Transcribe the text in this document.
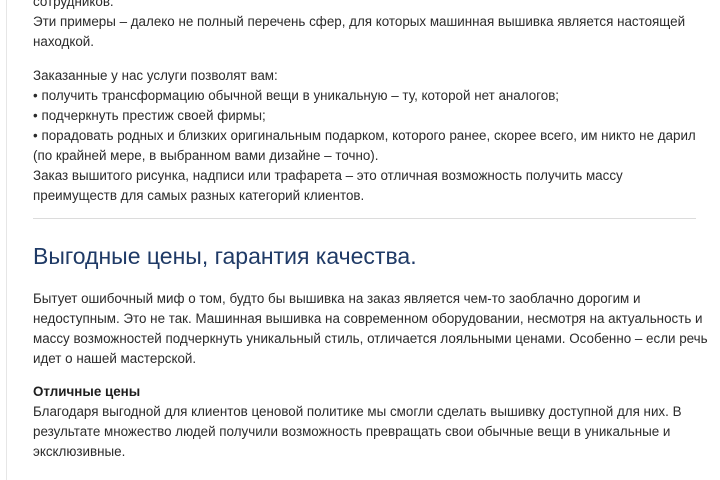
сотрудников.

Эти примеры – далеко не полный перечень сфер, для которых машинная вышивка является настоящей

находкой.

Заказанные у нас услуги позволят вам:

• получить трансформацию обычной вещи в уникальную – ту, которой нет аналогов;

• подчеркнуть престиж своей фирмы;

• порадовать родных и близких оригинальным подарком, которого ранее, скорее всего, им никто не дарил

(по крайней мере, в выбранном вами дизайне – точно).

Заказ вышитого рисунка, надписи или трафарета – это отличная возможность получить массу

преимуществ для самых разных категорий клиентов.

Выгодные цены, гарантия качества.

Бытует ошибочный миф о том, будто бы вышивка на заказ является чем-то заоблачно дорогим и

недоступным. Это не так. Машинная вышивка на современном оборудовании, несмотря на актуальность и

массу возможностей подчеркнуть уникальный стиль, отличается лояльными ценами. Особенно – если речь

идет о нашей мастерской.

Отличные цены

Благодаря выгодной для клиентов ценовой политике мы смогли сделать вышивку доступной для них. В

результате множество людей получили возможность превращать свои обычные вещи в уникальные и

эксклюзивные.
